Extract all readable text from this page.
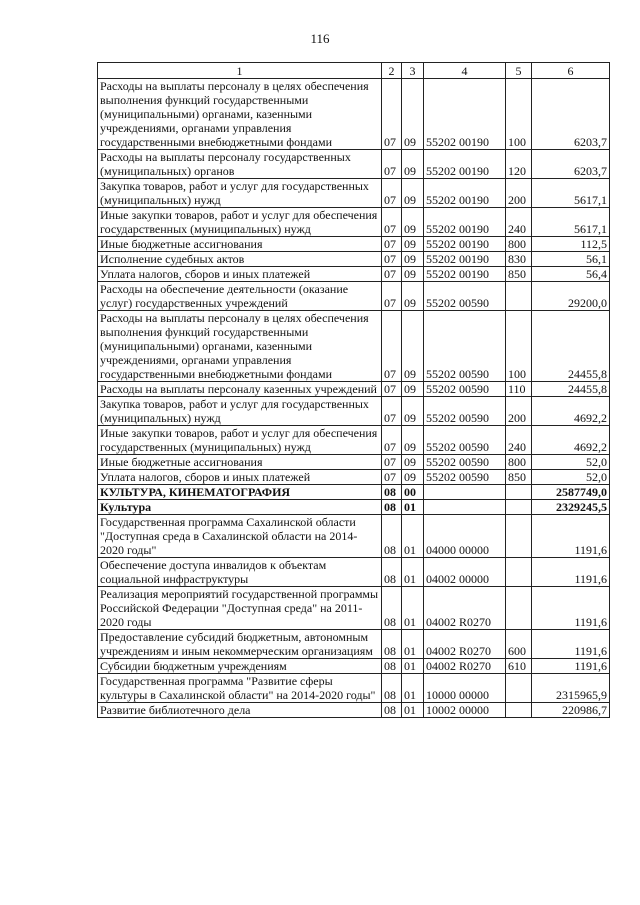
116
1	2	3	4	5	6
Расходы на выплаты персоналу в целях обеспечения выполнения функций государственными (муниципальными) органами, казенными учреждениями, органами управления государственными внебюджетными фондами	07	09	55202 00190	100	6203,7
Расходы на выплаты персоналу государственных (муниципальных) органов	07	09	55202 00190	120	6203,7
Закупка товаров, работ и услуг для государственных (муниципальных) нужд	07	09	55202 00190	200	5617,1
Иные закупки товаров, работ и услуг для обеспечения государственных (муниципальных) нужд	07	09	55202 00190	240	5617,1
Иные бюджетные ассигнования	07	09	55202 00190	800	112,5
Исполнение судебных актов	07	09	55202 00190	830	56,1
Уплата налогов, сборов и иных платежей	07	09	55202 00190	850	56,4
Расходы на обеспечение деятельности (оказание услуг) государственных учреждений	07	09	55202 00590		29200,0
Расходы на выплаты персоналу в целях обеспечения выполнения функций государственными (муниципальными) органами, казенными учреждениями, органами управления государственными внебюджетными фондами	07	09	55202 00590	100	24455,8
Расходы на выплаты персоналу казенных учреждений	07	09	55202 00590	110	24455,8
Закупка товаров, работ и услуг для государственных (муниципальных) нужд	07	09	55202 00590	200	4692,2
Иные закупки товаров, работ и услуг для обеспечения государственных (муниципальных) нужд	07	09	55202 00590	240	4692,2
Иные бюджетные ассигнования	07	09	55202 00590	800	52,0
Уплата налогов, сборов и иных платежей	07	09	55202 00590	850	52,0
КУЛЬТУРА, КИНЕМАТОГРАФИЯ	08	00			2587749,0
Культура	08	01			2329245,5
Государственная программа Сахалинской области "Доступная среда в Сахалинской области на 2014-2020 годы"	08	01	04000 00000		1191,6
Обеспечение доступа инвалидов к объектам социальной инфраструктуры	08	01	04002 00000		1191,6
Реализация мероприятий государственной программы Российской Федерации "Доступная среда" на 2011-2020 годы	08	01	04002 R0270		1191,6
Предоставление субсидий бюджетным, автономным учреждениям и иным некоммерческим организациям	08	01	04002 R0270	600	1191,6
Субсидии бюджетным учреждениям	08	01	04002 R0270	610	1191,6
Государственная программа "Развитие сферы культуры в Сахалинской области" на 2014-2020 годы"	08	01	10000 00000		2315965,9
Развитие библиотечного дела	08	01	10002 00000		220986,7
